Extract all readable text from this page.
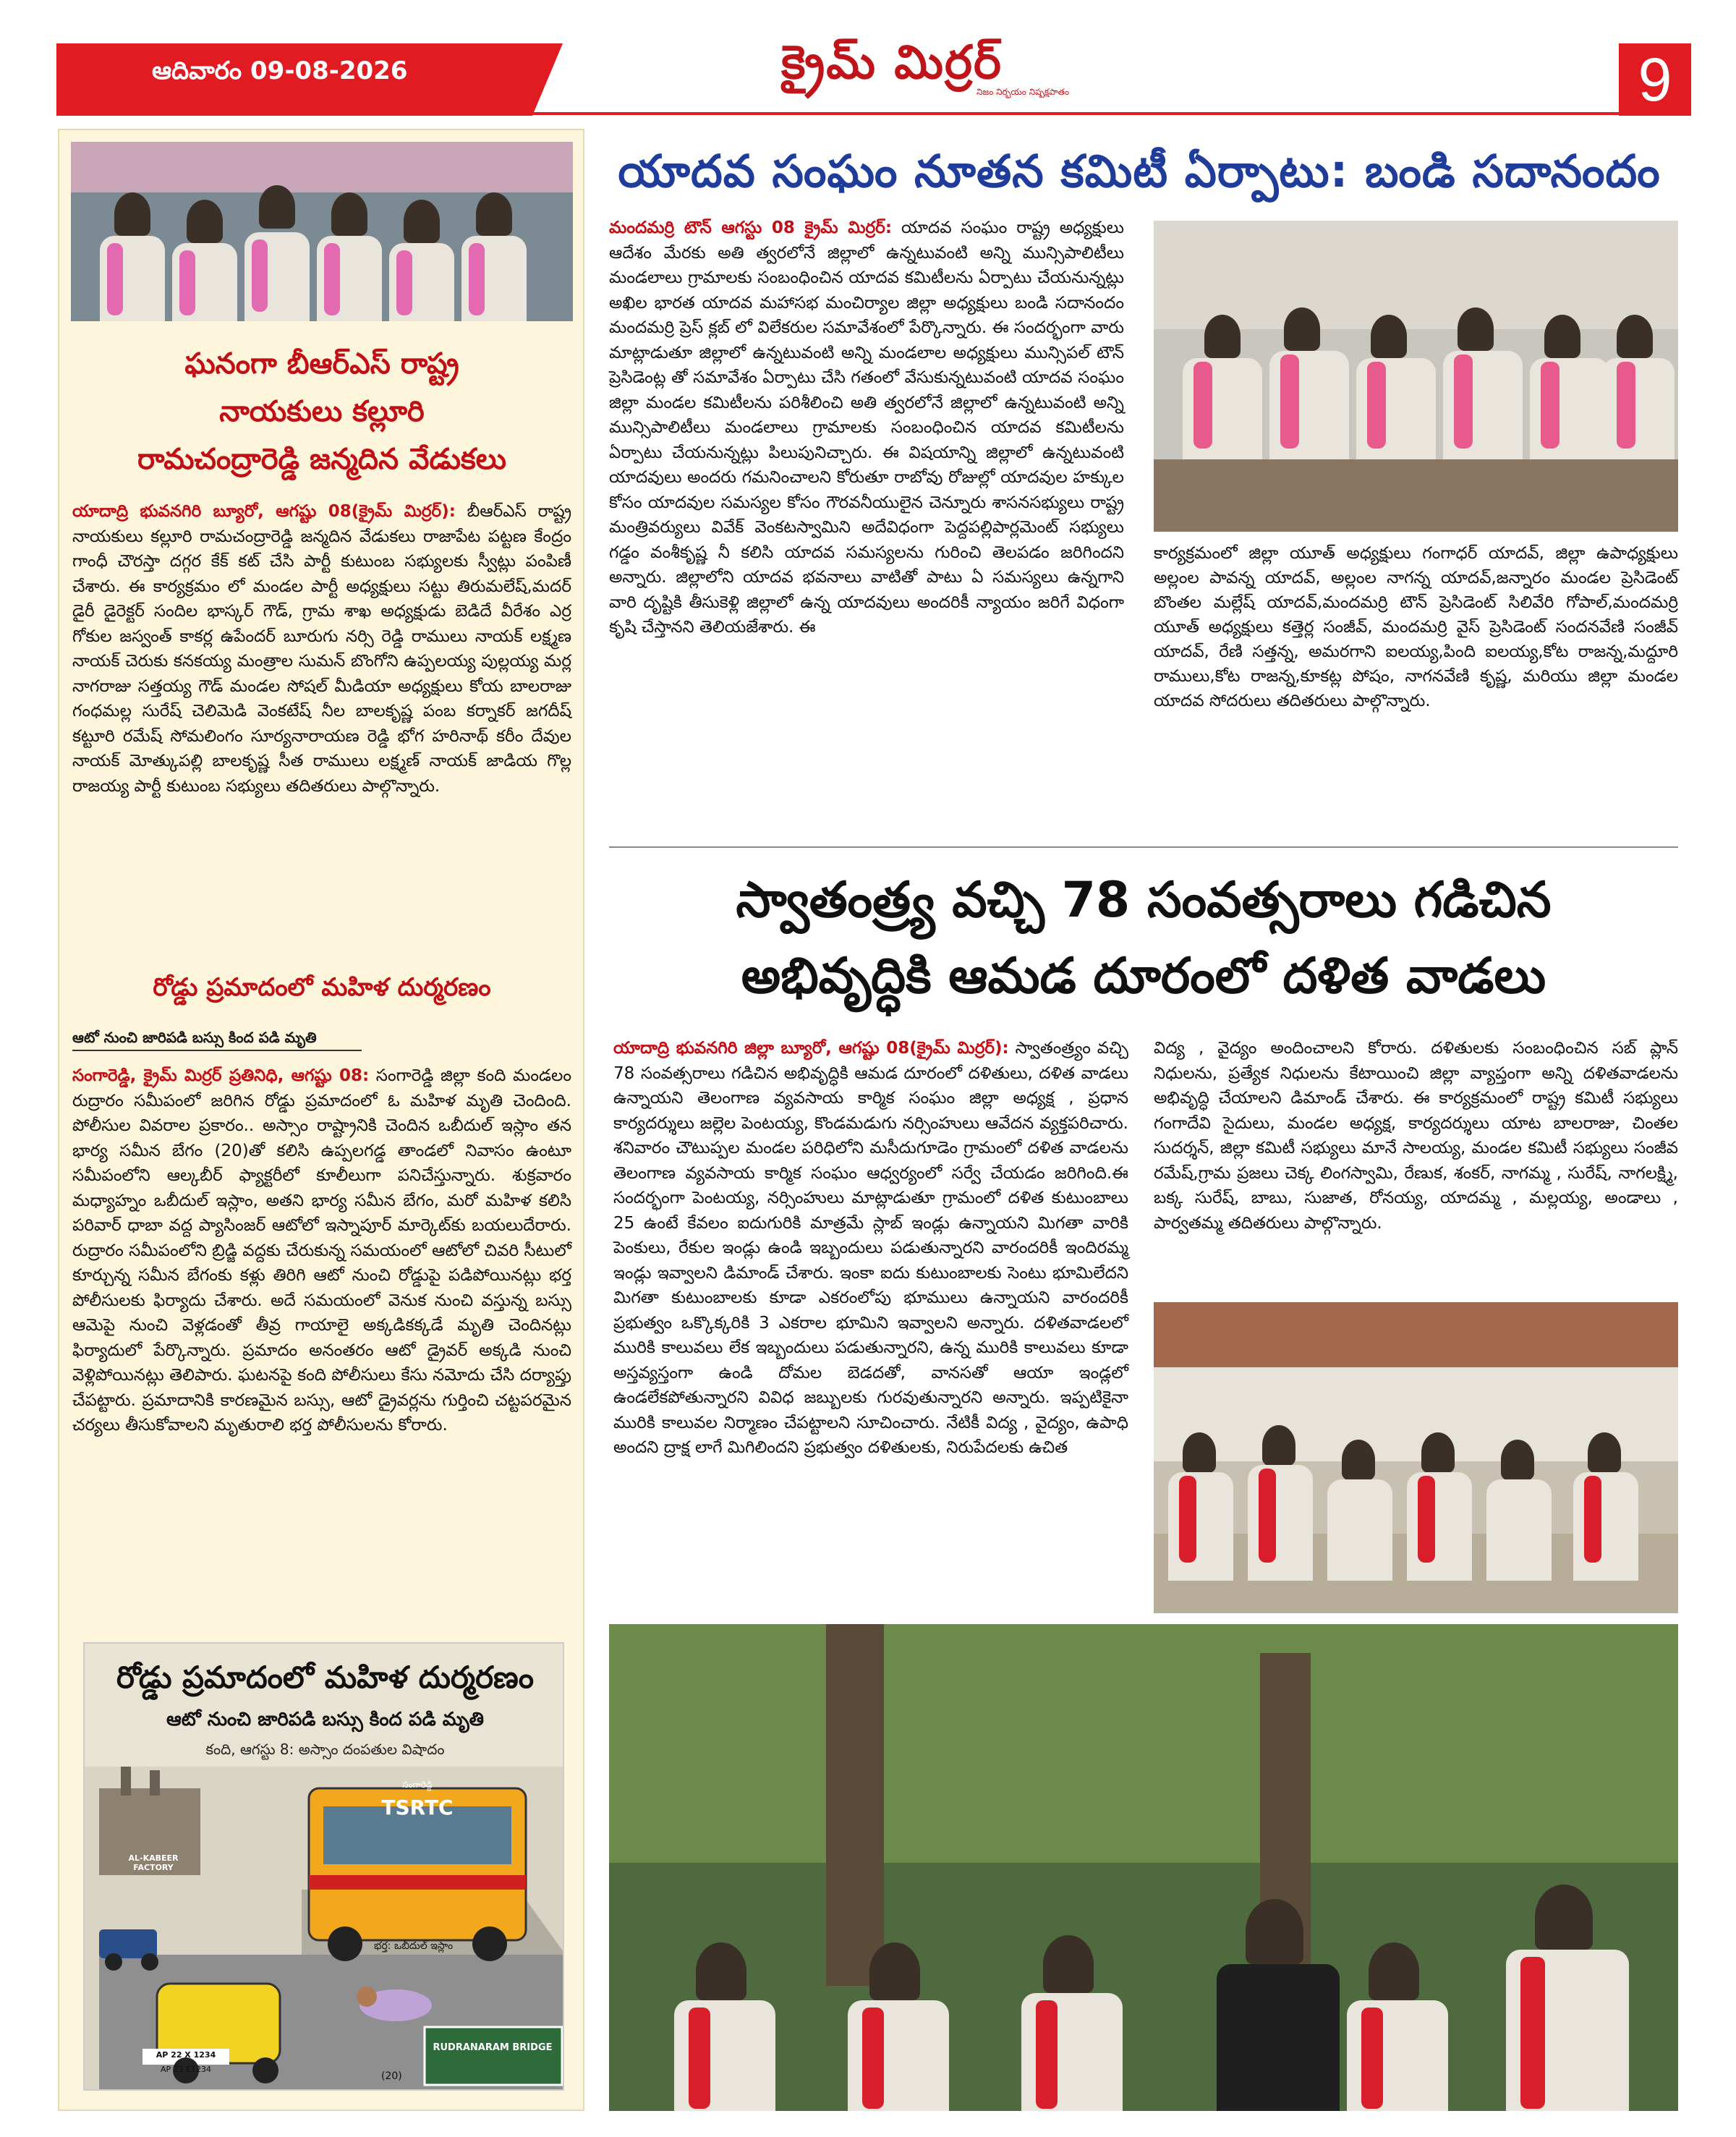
ఆదివారం 09-08-2026	క్రైమ్ మిర్రర్
నిజం నిర్భయం నిష్పక్షపాతం	9
ఘనంగా బీఆర్ఎస్ రాష్ట్ర
నాయకులు కల్లూరి
రామచంద్రారెడ్డి జన్మదిన వేడుకలు
యాదాద్రి భువనగిరి బ్యూరో, ఆగష్టు 08(క్రైమ్ మిర్రర్): బీఆర్ఎస్ రాష్ట్ర నాయకులు కల్లూరి రామచంద్రారెడ్డి జన్మదిన వేడుకలు రాజాపేట పట్టణ కేంద్రం గాంధీ చౌరస్తా దగ్గర కేక్ కట్ చేసి పార్టీ కుటుంబ సభ్యులకు స్వీట్లు పంపిణీ చేశారు. ఈ కార్యక్రమం లో మండల పార్టీ అధ్యక్షులు సట్టు తిరుమలేష్,మదర్ డైరీ డైరెక్టర్ సందిల భాస్కర్ గౌడ్, గ్రామ శాఖ అధ్యక్షుడు బెడిదే వీరేశం ఎర్ర గోకుల జస్వంత్ కాకర్ల ఉపేందర్ బూరుగు నర్సి రెడ్డి రాములు నాయక్ లక్ష్మణ నాయక్ చెరుకు కనకయ్య మంత్రాల సుమన్ బొంగోని ఉప్పలయ్య పుల్లయ్య మర్ల నాగరాజు సత్తయ్య గౌడ్ మండల సోషల్ మీడియా అధ్యక్షులు కోయ బాలరాజు గంధమల్ల సురేష్ చెలిమెడి వెంకటేష్ నీల బాలకృష్ణ పంబ కర్నాకర్ జగదీష్ కట్టూరి రమేష్ సోమలింగం సూర్యనారాయణ రెడ్డి భోగ హరినాథ్ కరీం దేవుల నాయక్ మోత్కుపల్లి బాలకృష్ణ సీత రాములు లక్ష్మణ్ నాయక్ జాడియ గొల్ల రాజయ్య పార్టీ కుటుంబ సభ్యులు తదితరులు పాల్గొన్నారు.
రోడ్డు ప్రమాదంలో మహిళ దుర్మరణం
ఆటో నుంచి జారిపడి బస్సు కింద పడి మృతి
సంగారెడ్డి, క్రైమ్ మిర్రర్ ప్రతినిధి, ఆగష్టు 08: సంగారెడ్డి జిల్లా కంది మండలం రుద్రారం సమీపంలో జరిగిన రోడ్డు ప్రమాదంలో ఓ మహిళ మృతి చెందింది. పోలీసుల వివరాల ప్రకారం.. అస్సాం రాష్ట్రానికి చెందిన ఒబీదుల్ ఇస్లాం తన భార్య సమీన బేగం (20)తో కలిసి ఉప్పలగడ్డ తాండలో నివాసం ఉంటూ సమీపంలోని ఆల్కబీర్ ఫ్యాక్టరీలో కూలీలుగా పనిచేస్తున్నారు. శుక్రవారం మధ్యాహ్నం ఒబీదుల్ ఇస్లాం, అతని భార్య సమీన బేగం, మరో మహిళ కలిసి పరివార్ ధాబా వద్ద ప్యాసింజర్ ఆటోలో ఇస్నాపూర్ మార్కెట్‌కు బయలుదేరారు. రుద్రారం సమీపంలోని బ్రిడ్జి వద్దకు చేరుకున్న సమయంలో ఆటోలో చివరి సీటులో కూర్చున్న సమీన బేగంకు కళ్లు తిరిగి ఆటో నుంచి రోడ్డుపై పడిపోయినట్లు భర్త పోలీసులకు ఫిర్యాదు చేశారు. అదే సమయంలో వెనుక నుంచి వస్తున్న బస్సు ఆమెపై నుంచి వెళ్లడంతో తీవ్ర గాయాలై అక్కడికక్కడే మృతి చెందినట్లు ఫిర్యాదులో పేర్కొన్నారు. ప్రమాదం అనంతరం ఆటో డ్రైవర్ అక్కడి నుంచి వెళ్లిపోయినట్లు తెలిపారు. ఘటనపై కంది పోలీసులు కేసు నమోదు చేసి దర్యాప్తు చేపట్టారు. ప్రమాదానికి కారణమైన బస్సు, ఆటో డ్రైవర్లను గుర్తించి చట్టపరమైన చర్యలు తీసుకోవాలని మృతురాలి భర్త పోలీసులను కోరారు.
రోడ్డు ప్రమాదంలో మహిళ దుర్మరణం
ఆటో నుంచి జారిపడి బస్సు కింద పడి మృతి
కంది, ఆగస్టు 8: అస్సాం దంపతుల విషాదం
AL-KABEER FACTORY
TSRTC
సంగారెడ్డి
RUDRANARAM BRIDGE
AP 22 X 1234
AP 23 E1234
భర్త: ఒబీదుల్ ఇస్లాం
(20)
యాదవ సంఘం నూతన కమిటీ ఏర్పాటు: బండి సదానందం
మందమర్రి టౌన్ ఆగస్టు 08 క్రైమ్ మిర్రర్: యాదవ సంఘం రాష్ట్ర అధ్యక్షులు ఆదేశం మేరకు అతి త్వరలోనే జిల్లాలో ఉన్నటువంటి అన్ని మున్సిపాలిటీలు మండలాలు గ్రామాలకు సంబంధించిన యాదవ కమిటీలను ఏర్పాటు చేయనున్నట్లు అఖిల భారత యాదవ మహాసభ మంచిర్యాల జిల్లా అధ్యక్షులు బండి సదానందం మందమర్రి ప్రెస్ క్లబ్ లో విలేకరుల సమావేశంలో పేర్కొన్నారు. ఈ సందర్భంగా వారు మాట్లాడుతూ జిల్లాలో ఉన్నటువంటి అన్ని మండలాల అధ్యక్షులు మున్సిపల్ టౌన్ ప్రెసిడెంట్ల తో సమావేశం ఏర్పాటు చేసి గతంలో వేసుకున్నటువంటి యాదవ సంఘం జిల్లా మండల కమిటీలను పరిశీలించి అతి త్వరలోనే జిల్లాలో ఉన్నటువంటి అన్ని మున్సిపాలిటీలు మండలాలు గ్రామాలకు సంబంధించిన యాదవ కమిటీలను ఏర్పాటు చేయనున్నట్లు పిలుపునిచ్చారు. ఈ విషయాన్ని జిల్లాలో ఉన్నటువంటి యాదవులు అందరు గమనించాలని కోరుతూ రాబోవు రోజుల్లో యాదవుల హక్కుల కోసం యాదవుల సమస్యల కోసం గౌరవనీయులైన చెన్నూరు శాసనసభ్యులు రాష్ట్ర మంత్రివర్యులు వివేక్ వెంకటస్వామిని అదేవిధంగా పెద్దపల్లిపార్లమెంట్ సభ్యులు గడ్డం వంశీకృష్ణ నీ కలిసి యాదవ సమస్యలను గురించి తెలపడం జరిగిందని అన్నారు. జిల్లాలోని యాదవ భవనాలు వాటితో పాటు ఏ సమస్యలు ఉన్నగాని వారి దృష్టికి తీసుకెళ్లి జిల్లాలో ఉన్న యాదవులు అందరికీ న్యాయం జరిగే విధంగా కృషి చేస్తానని తెలియజేశారు. ఈ
కార్యక్రమంలో జిల్లా యూత్ అధ్యక్షులు గంగాధర్ యాదవ్, జిల్లా ఉపాధ్యక్షులు అల్లంల పావన్న యాదవ్, అల్లంల నాగన్న యాదవ్,జన్నారం మండల ప్రెసిడెంట్ బొంతల మల్లేష్ యాదవ్,మందమర్రి టౌన్ ప్రెసిడెంట్ సిలివేరి గోపాల్,మందమర్రి యూత్ అధ్యక్షులు కత్తెర్ల సంజీవ్, మందమర్రి వైస్ ప్రెసిడెంట్ సందనవేణి సంజీవ్ యాదవ్, రేణి సత్తన్న, అమరగాని ఐలయ్య,పింది ఐలయ్య,కోట రాజన్న,మద్దూరి రాములు,కోట రాజన్న,కూకట్ల పోషం, నాగనవేణి కృష్ణ, మరియు జిల్లా మండల యాదవ సోదరులు తదితరులు పాల్గొన్నారు.
స్వాతంత్ర్య వచ్చి 78 సంవత్సరాలు గడిచిన
అభివృద్ధికి ఆమడ దూరంలో దళిత వాడలు
యాదాద్రి భువనగిరి జిల్లా బ్యూరో, ఆగష్టు 08(క్రైమ్ మిర్రర్): స్వాతంత్ర్యం వచ్చి 78 సంవత్సరాలు గడిచిన అభివృద్ధికి ఆమడ దూరంలో దళితులు, దళిత వాడలు ఉన్నాయని తెలంగాణ వ్యవసాయ కార్మిక సంఘం జిల్లా అధ్యక్ష , ప్రధాన కార్యదర్శులు జల్లెల పెంటయ్య, కొండమడుగు నర్సింహులు ఆవేదన వ్యక్తపరిచారు. శనివారం చౌటుప్పల మండల పరిధిలోని మసీదుగూడెం గ్రామంలో దళిత వాడలను తెలంగాణ వ్యవసాయ కార్మిక సంఘం ఆధ్వర్యంలో సర్వే చేయడం జరిగింది.ఈ సందర్భంగా పెంటయ్య, నర్సింహులు మాట్లాడుతూ గ్రామంలో దళిత కుటుంబాలు 25 ఉంటే కేవలం ఐదుగురికి మాత్రమే స్లాబ్ ఇండ్లు ఉన్నాయని మిగతా వారికి పెంకులు, రేకుల ఇండ్లు ఉండి ఇబ్బందులు పడుతున్నారని వారందరికీ ఇందిరమ్మ ఇండ్లు ఇవ్వాలని డిమాండ్ చేశారు. ఇంకా ఐదు కుటుంబాలకు సెంటు భూమిలేదని మిగతా కుటుంబాలకు కూడా ఎకరంలోపు భూములు ఉన్నాయని వారందరికీ ప్రభుత్వం ఒక్కొక్కరికి 3 ఎకరాల భూమిని ఇవ్వాలని అన్నారు. దళితవాడలలో మురికి కాలువలు లేక ఇబ్బందులు పడుతున్నారని, ఉన్న మురికి కాలువలు కూడా అస్తవ్యస్తంగా ఉండి దోమల బెడదతో, వానసతో ఆయా ఇండ్లలో ఉండలేకపోతున్నారని వివిధ జబ్బులకు గురవుతున్నారని అన్నారు. ఇప్పటికైనా మురికి కాలువల నిర్మాణం చేపట్టాలని సూచించారు. నేటికీ విద్య , వైద్యం, ఉపాధి అందని ద్రాక్ష లాగే మిగిలిందని ప్రభుత్వం దళితులకు, నిరుపేదలకు ఉచిత
విద్య , వైద్యం అందించాలని కోరారు. దళితులకు సంబంధించిన సబ్ ప్లాన్ నిధులను, ప్రత్యేక నిధులను కేటాయించి జిల్లా వ్యాప్తంగా అన్ని దళితవాడలను అభివృద్ధి చేయాలని డిమాండ్ చేశారు. ఈ కార్యక్రమంలో రాష్ట్ర కమిటీ సభ్యులు గంగాదేవి సైదులు, మండల అధ్యక్ష, కార్యదర్శులు యాట బాలరాజు, చింతల సుదర్శన్, జిల్లా కమిటీ సభ్యులు మానే సాలయ్య, మండల కమిటీ సభ్యులు సంజీవ రమేష్,గ్రామ ప్రజలు చెక్క లింగస్వామి, రేణుక, శంకర్, నాగమ్మ , సురేష్, నాగలక్ష్మి, బక్క సురేష్, బాబు, సుజాత, రోనయ్య, యాదమ్మ , మల్లయ్య, అండాలు , పార్వతమ్మ తదితరులు పాల్గొన్నారు.
